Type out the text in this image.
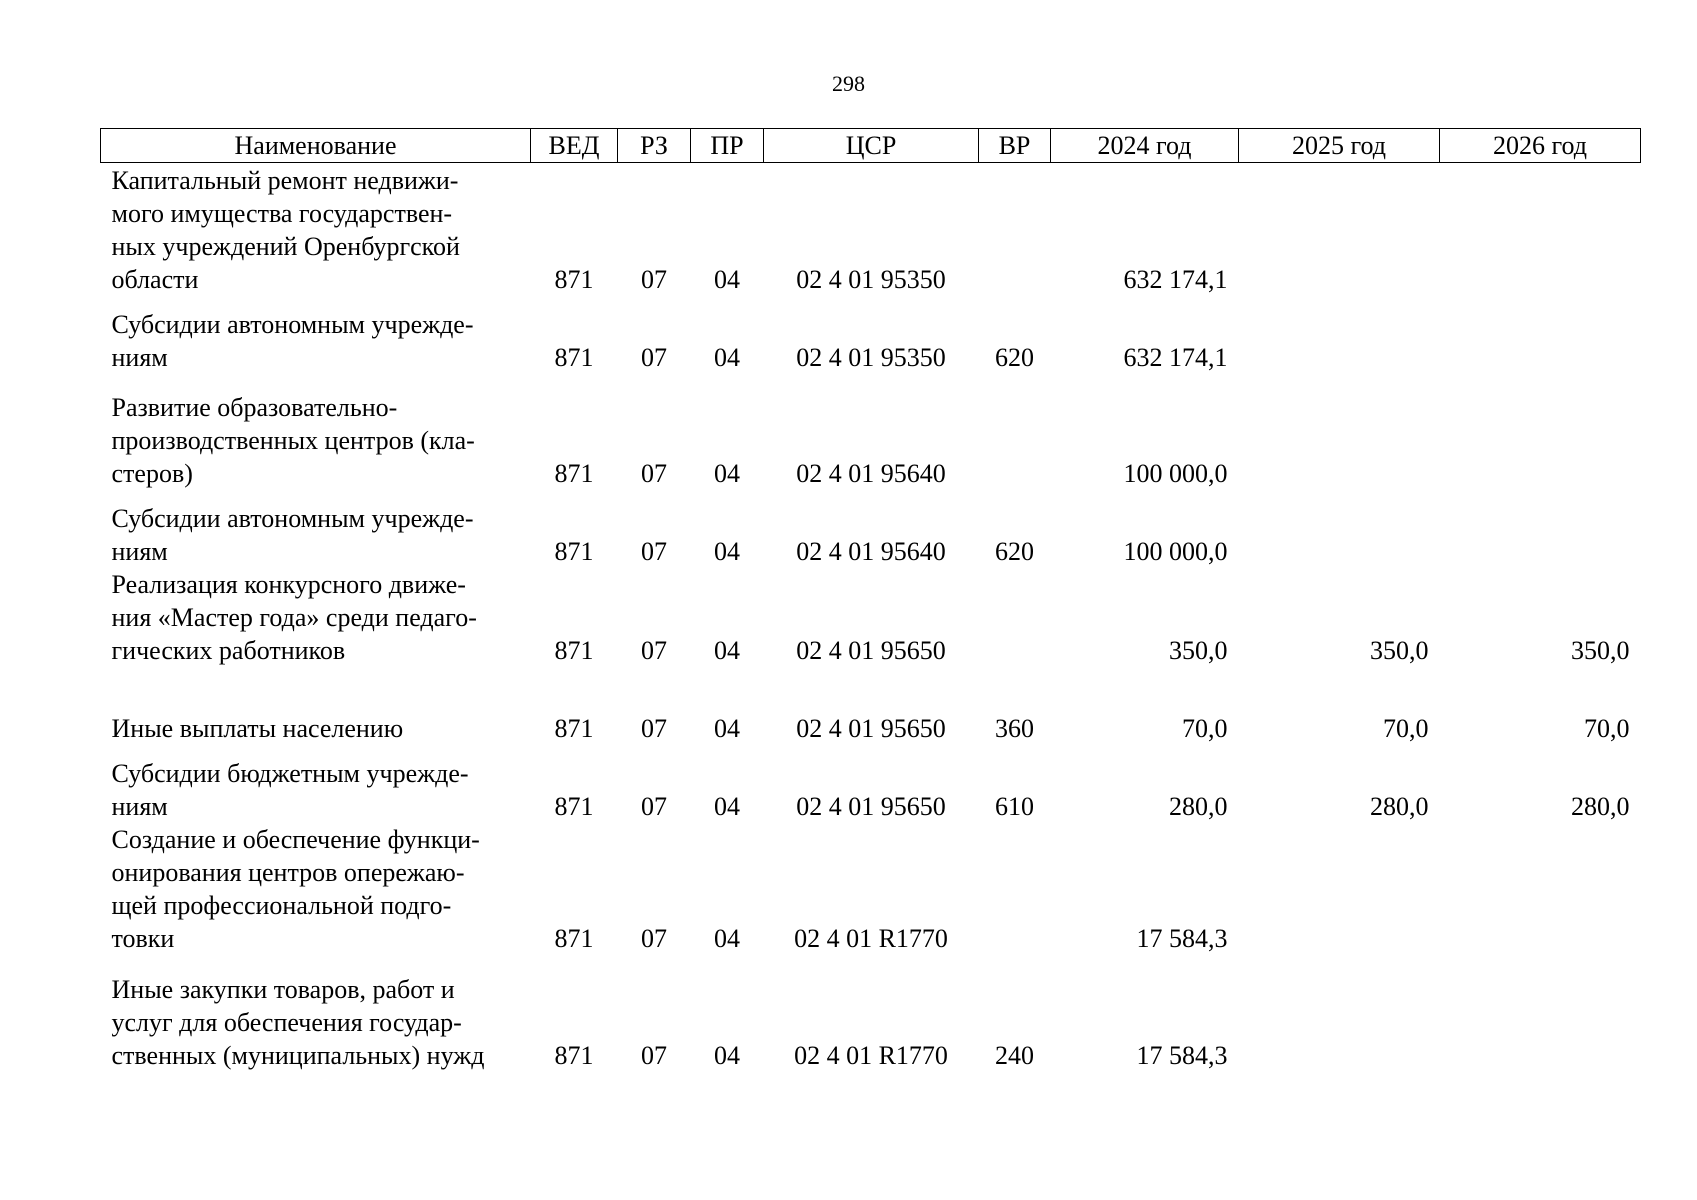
298
Наименование	ВЕД	РЗ	ПР	ЦСР	ВР	2024 год	2025 год	2026 год

Капитальный ремонт недвижи-
мого имущества государствен-
ных учреждений Оренбургской
области	871	07	04	02 4 01 95350		632 174,1		

Субсидии автономным учрежде-
ниям	871	07	04	02 4 01 95350	620	632 174,1		

Развитие образовательно-
производственных центров (кла-
стеров)	871	07	04	02 4 01 95640		100 000,0		

Субсидии автономным учрежде-
ниям	871	07	04	02 4 01 95640	620	100 000,0		

Реализация конкурсного движе-
ния «Мастер года» среди педаго-
гических работников	871	07	04	02 4 01 95650		350,0	350,0	350,0

Иные выплаты населению	871	07	04	02 4 01 95650	360	70,0	70,0	70,0

Субсидии бюджетным учрежде-
ниям	871	07	04	02 4 01 95650	610	280,0	280,0	280,0

Создание и обеспечение функци-
онирования центров опережаю-
щей профессиональной подго-
товки	871	07	04	02 4 01 R1770		17 584,3		

Иные закупки товаров, работ и
услуг для обеспечения государ-
ственных (муниципальных) нужд	871	07	04	02 4 01 R1770	240	17 584,3		
